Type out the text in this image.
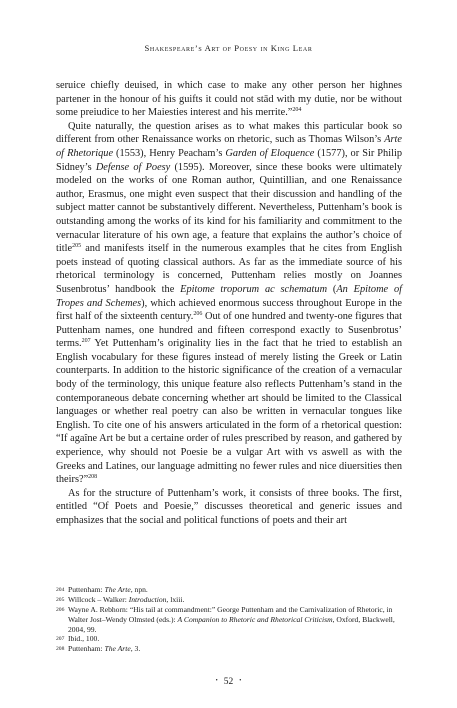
Shakespeare’s Art of Poesy in King Lear

seruice chiefly deuised, in which case to make any other person her highnes partener in the honour of his guifts it could not stād with my dutie, nor be without some preiudice to her Maiesties interest and his merrite.”$^{204}$

Quite naturally, the question arises as to what makes this particular book so different from other Renaissance works on rhetoric, such as Thomas Wilson’s Arte of Rhetorique (1553), Henry Peacham’s Garden of Eloquence (1577), or Sir Philip Sidney’s Defense of Poesy (1595). Moreover, since these books were ultimately modeled on the works of one Roman author, Quintillian, and one Renaissance author, Erasmus, one might even suspect that their discussion and handling of the subject matter cannot be substantively different. Nevertheless, Puttenham’s book is outstanding among the works of its kind for his familiarity and commitment to the vernacular literature of his own age, a feature that explains the author’s choice of title$^{205}$ and manifests itself in the numerous examples that he cites from English poets instead of quoting classical authors. As far as the immediate source of his rhetorical terminology is concerned, Puttenham relies mostly on Joannes Susenbrotus’ handbook the Epitome troporum ac schematum (An Epitome of Tropes and Schemes), which achieved enormous success throughout Europe in the first half of the sixteenth century.$^{206}$ Out of one hundred and twenty-one figures that Puttenham names, one hundred and fifteen correspond exactly to Susenbrotus’ terms.$^{207}$ Yet Puttenham’s originality lies in the fact that he tried to establish an English vocabulary for these figures instead of merely listing the Greek or Latin counterparts. In addition to the historic significance of the creation of a vernacular body of the terminology, this unique feature also reflects Puttenham’s stand in the contemporaneous debate concerning whether art should be limited to the Classical languages or whether real poetry can also be written in vernacular tongues like English. To cite one of his answers articulated in the form of a rhetorical question: “If agaîne Art be but a certaine order of rules prescribed by reason, and gathered by experience, why should not Poesie be a vulgar Art with vs aswell as with the Greeks and Latines, our language admitting no fewer rules and nice diuersities then theirs?”$^{208}$

As for the structure of Puttenham’s work, it consists of three books. The first, entitled “Of Poets and Poesie,” discusses theoretical and generic issues and emphasizes that the social and political functions of poets and their art

204 Puttenham: The Arte, npn.
205 Willcock – Walker: Introduction, lxiii.
206 Wayne A. Rebhorn: “His tail at commandment:” George Puttenham and the Carnivalization of Rhetoric, in Walter Jost–Wendy Olmsted (eds.): A Companion to Rhetoric and Rhetorical Criticism, Oxford, Blackwell, 2004, 99.
207 Ibid., 100.
208 Puttenham: The Arte, 3.
• 52 •
